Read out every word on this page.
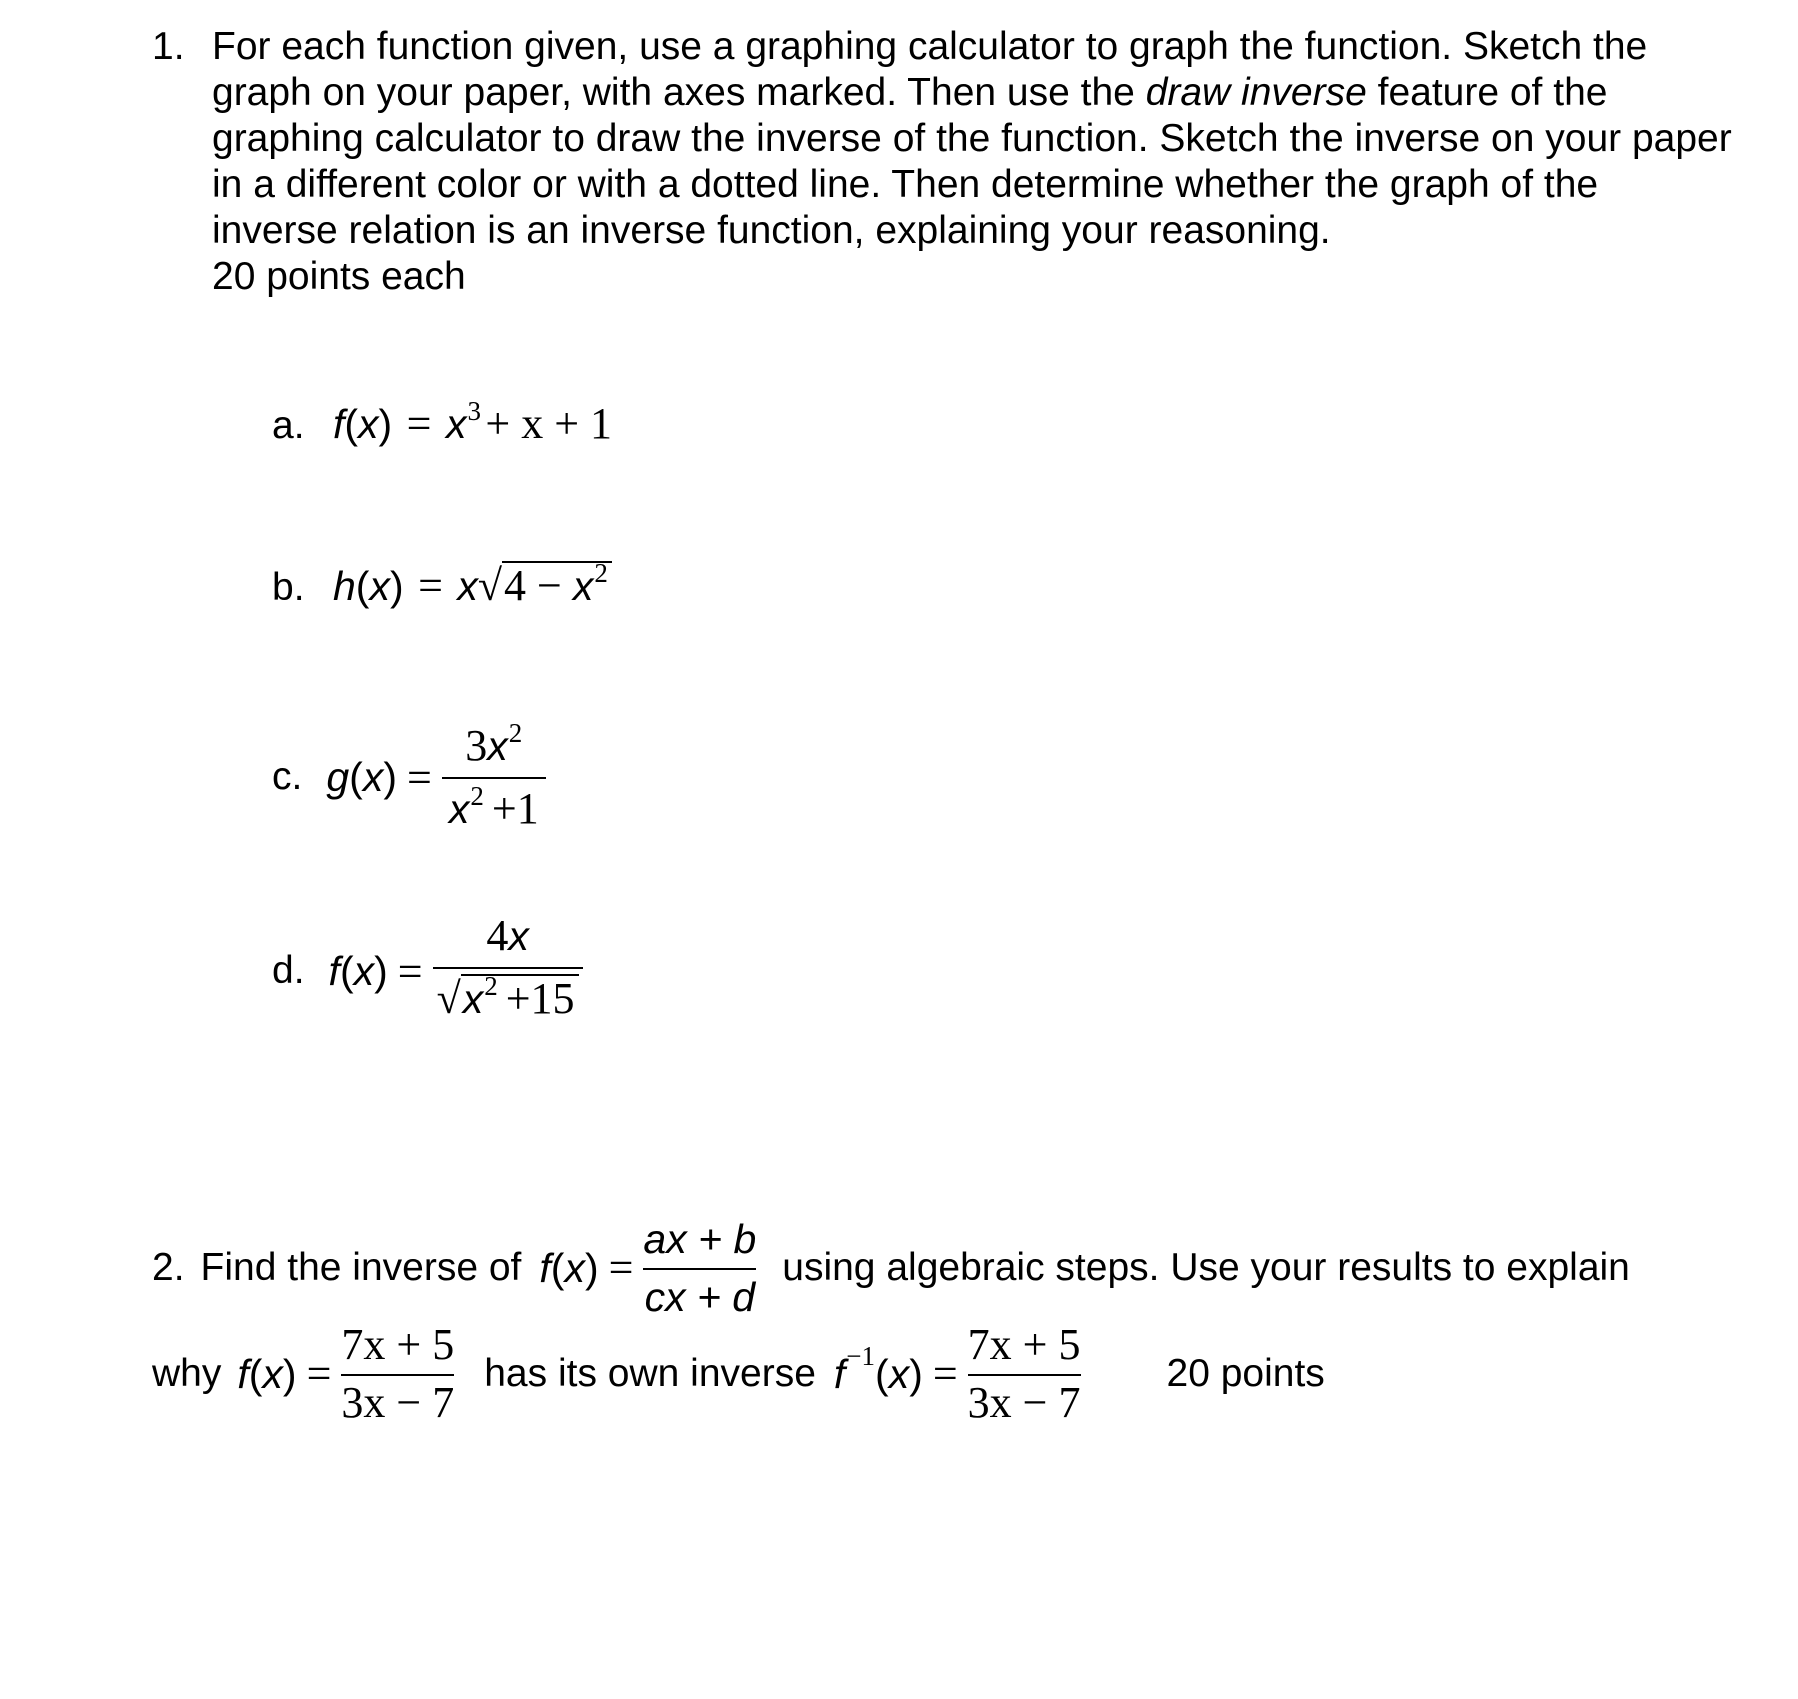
1. For each function given, use a graphing calculator to graph the function. Sketch the graph on your paper, with axes marked. Then use the draw inverse feature of the graphing calculator to draw the inverse of the function. Sketch the inverse on your paper in a different color or with a dotted line. Then determine whether the graph of the inverse relation is an inverse function, explaining your reasoning.

20 points each

a. f(x) = x3 + x + 1
b. h(x) = x√4 − x2
c. g ( x ) = $\frac{3x2}{x2 +1}$
d. f ( x ) = $\frac{4x}{√x2 +15}$
2. Find the inverse of f ( x ) = $\frac{ax + b}{cx + d}$ using algebraic steps. Use your results to explain
why f ( x ) = $\frac{7x + 5}{3x - 7}$ has its own inverse f −1 ( x ) = $\frac{7x + 5}{3x - 7} 20$ points
